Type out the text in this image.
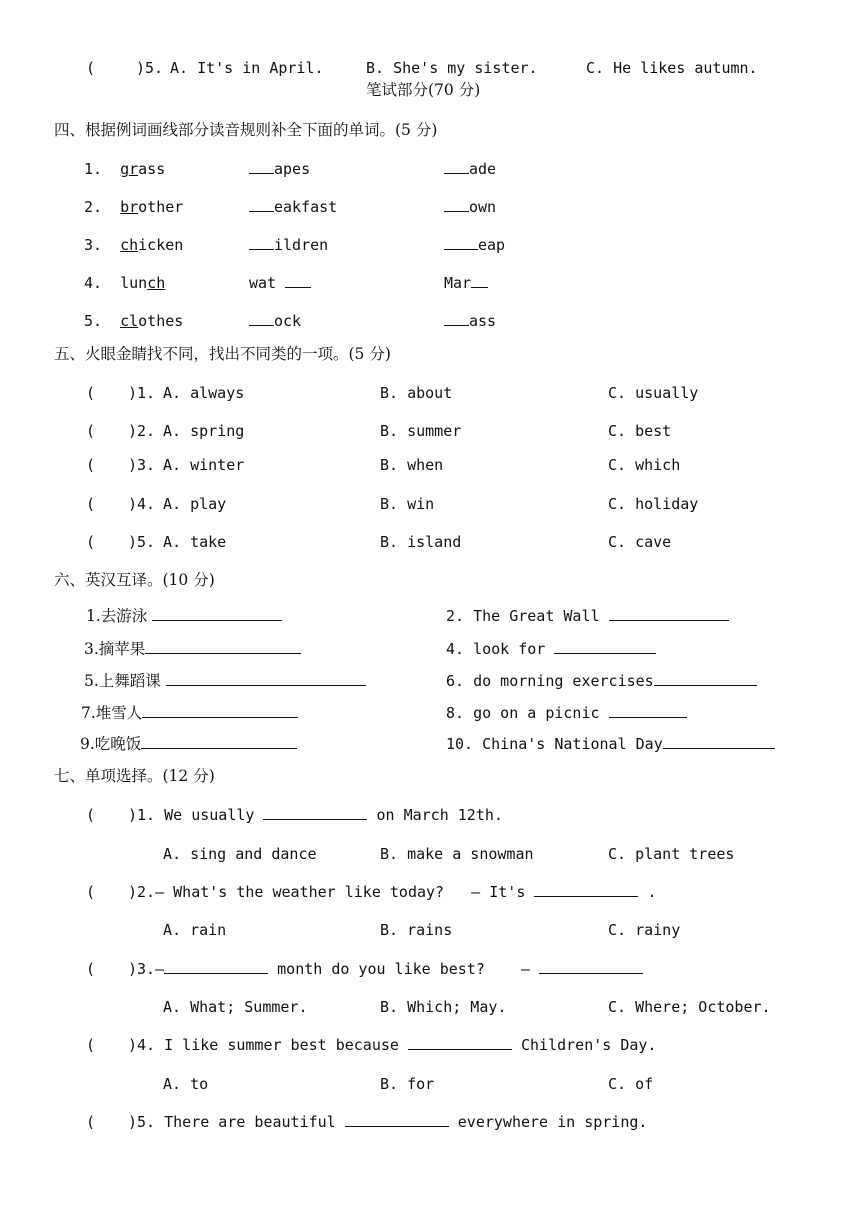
(	)5. A. It's in April.	B. She's my sister.	C. He likes autumn.
笔试部分(70 分)
四、根据例词画线部分读音规则补全下面的单词。(5 分)
1. grass	apes	ade
2. brother	eakfast	own
3. chicken	ildren	eap
4. lunch	wat	Mar
5. clothes	ock	ass
五、火眼金睛找不同，找出不同类的一项。(5 分)
( )1. A. always	B. about	C. usually
( )2. A. spring	B. summer	C. best
( )3. A. winter	B. when	C. which
( )4. A. play	B. win	C. holiday
( )5. A. take	B. island	C. cave
六、英汉互译。(10 分)
1.去游泳	2. The Great Wall
3.摘苹果	4. look for
5.上舞蹈课	6. do morning exercises
7.堆雪人	8. go on a picnic
9.吃晚饭	10. China's National Day
七、单项选择。(12 分)
( )1. We usually	on March 12th.
A. sing and dance	B. make a snowman	C. plant trees
( )2.— What's the weather like today? — It's	.
A. rain	B. rains	C. rainy
( )3.—	month do you like best? —
A. What; Summer.	B. Which; May.	C. Where; October.
( )4. I like summer best because	Children's Day.
A. to	B. for	C. of
( )5. There are beautiful	everywhere in spring.
